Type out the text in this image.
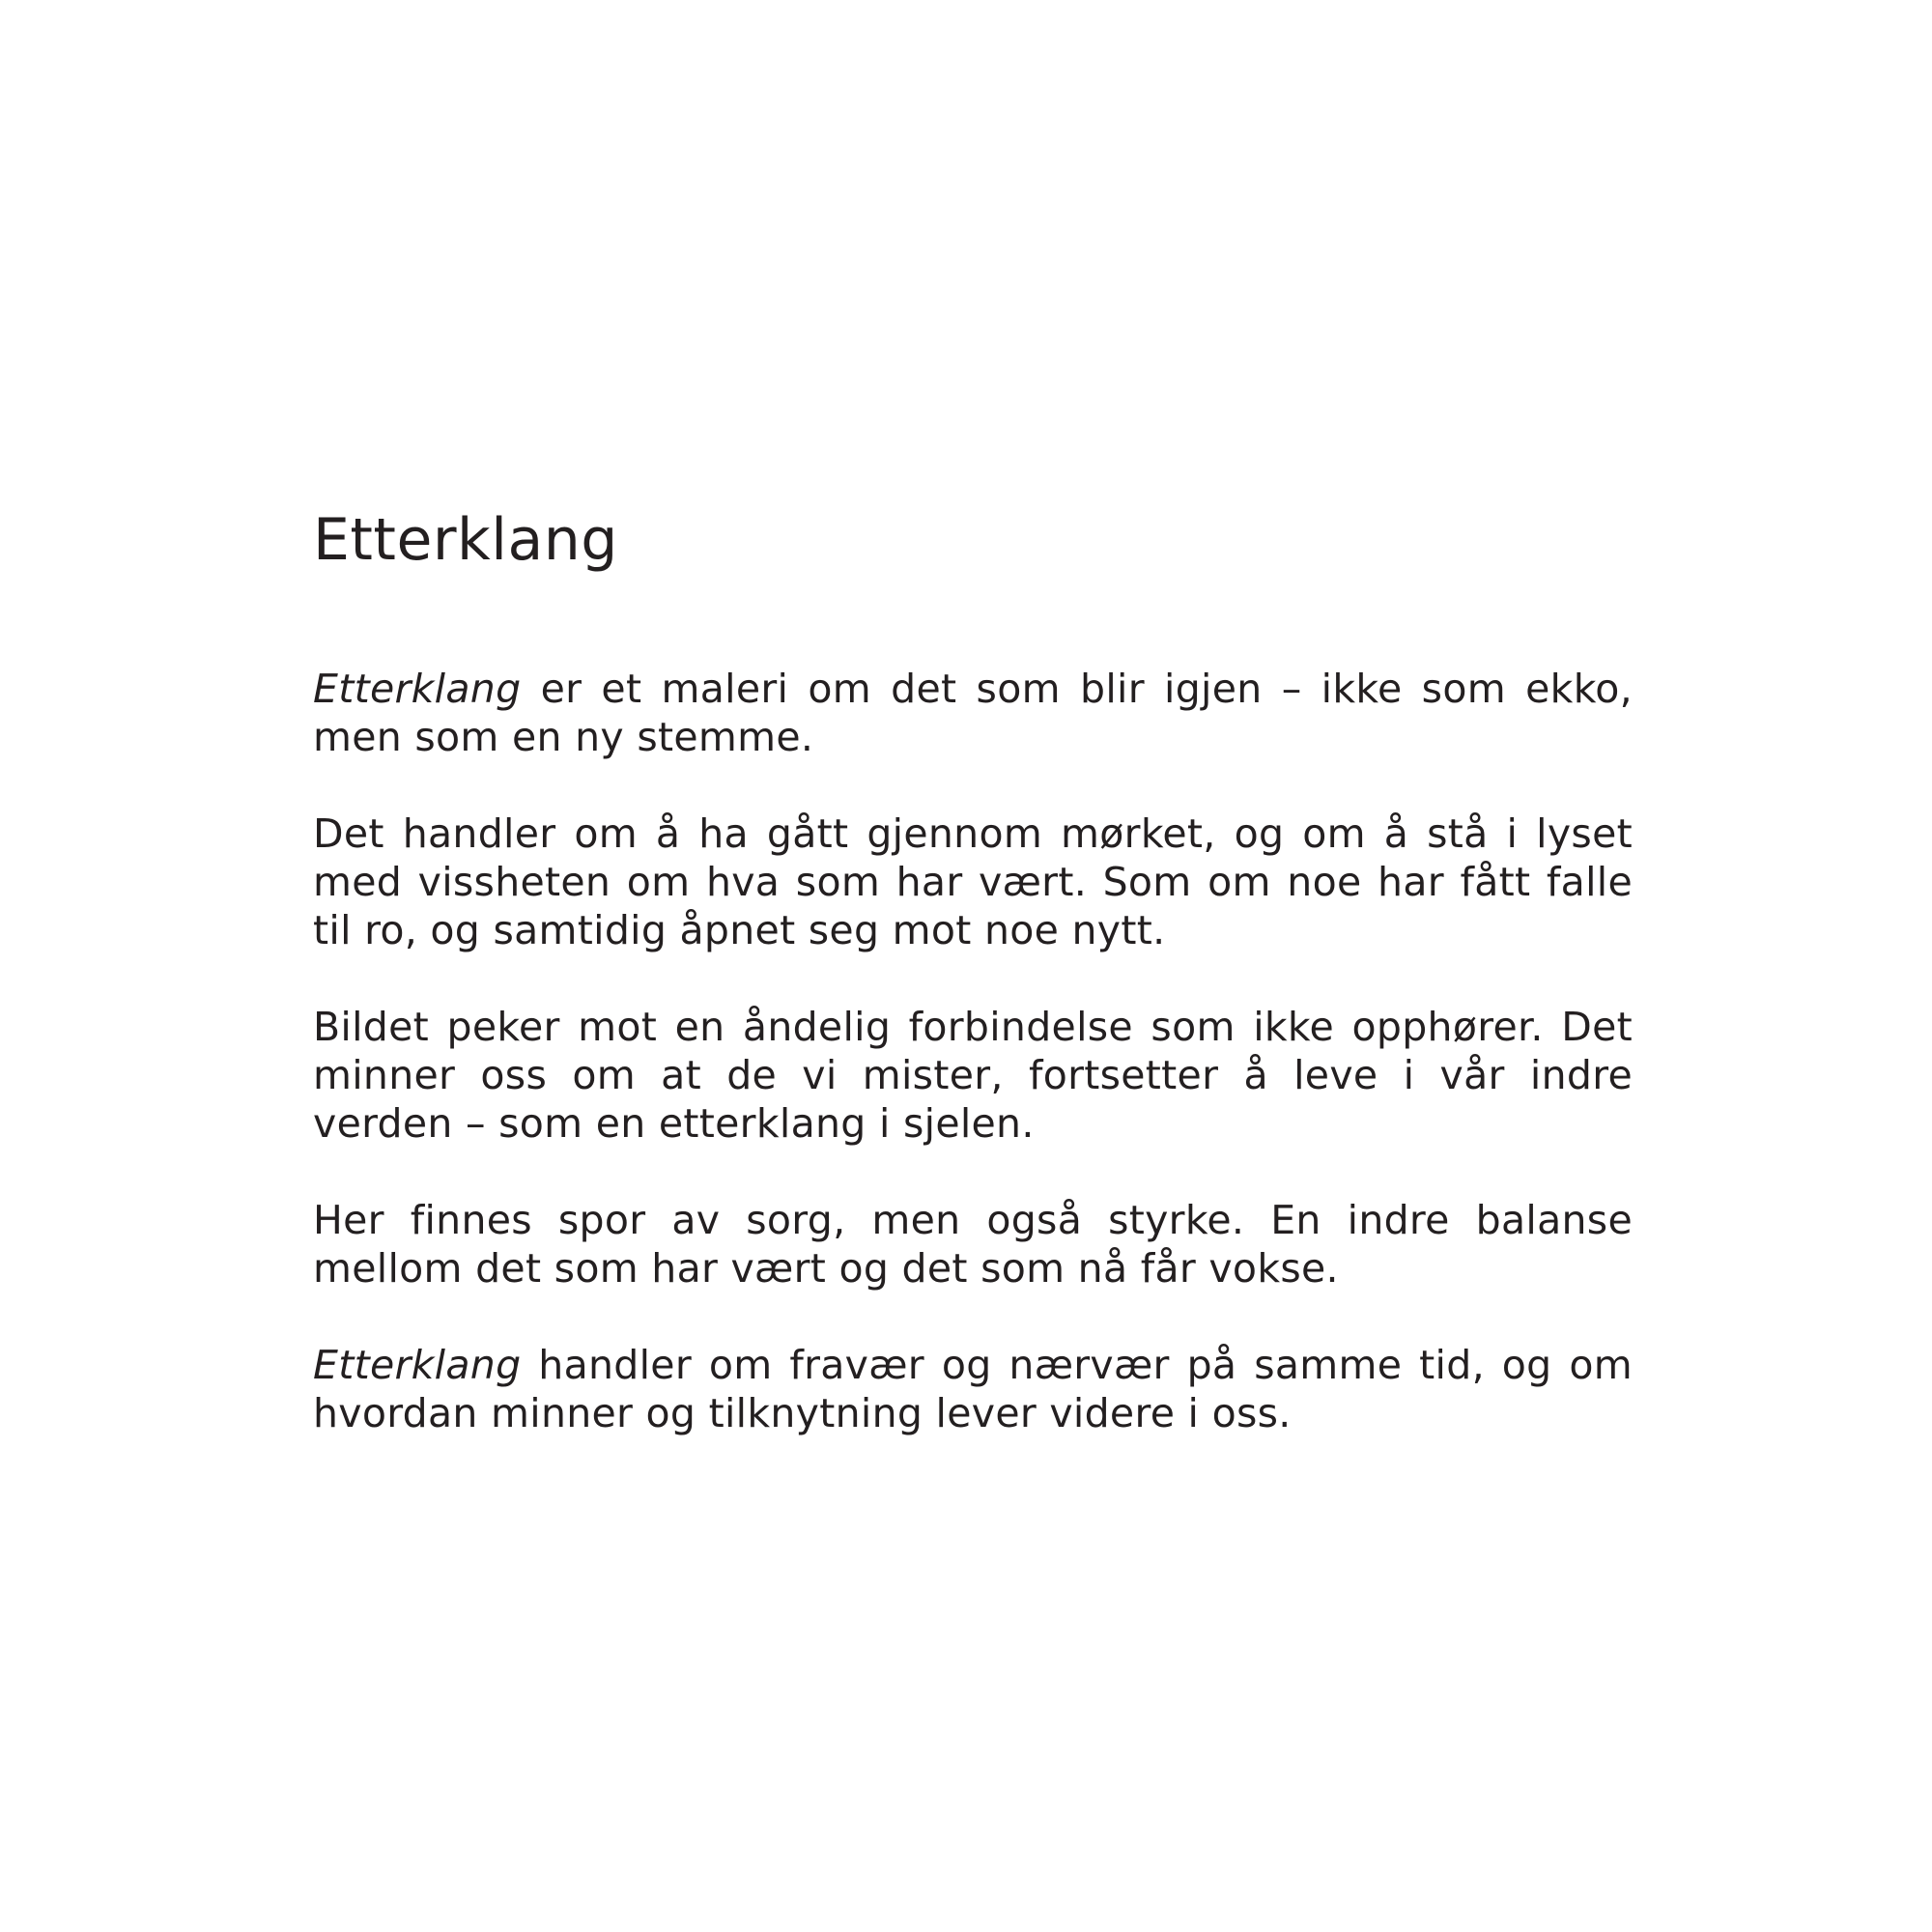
Etterklang

Etterklang er et maleri om det som blir igjen – ikke som ekko, men som en ny stemme.

Det handler om å ha gått gjennom mørket, og om å stå i lyset med vissheten om hva som har vært. Som om noe har fått falle til ro, og samtidig åpnet seg mot noe nytt.

Bildet peker mot en åndelig forbindelse som ikke opphører. Det minner oss om at de vi mister, fortsetter å leve i vår indre verden – som en etterklang i sjelen.

Her finnes spor av sorg, men også styrke. En indre balanse mellom det som har vært og det som nå får vokse.

Etterklang handler om fravær og nærvær på samme tid, og om hvordan minner og tilknytning lever videre i oss.
